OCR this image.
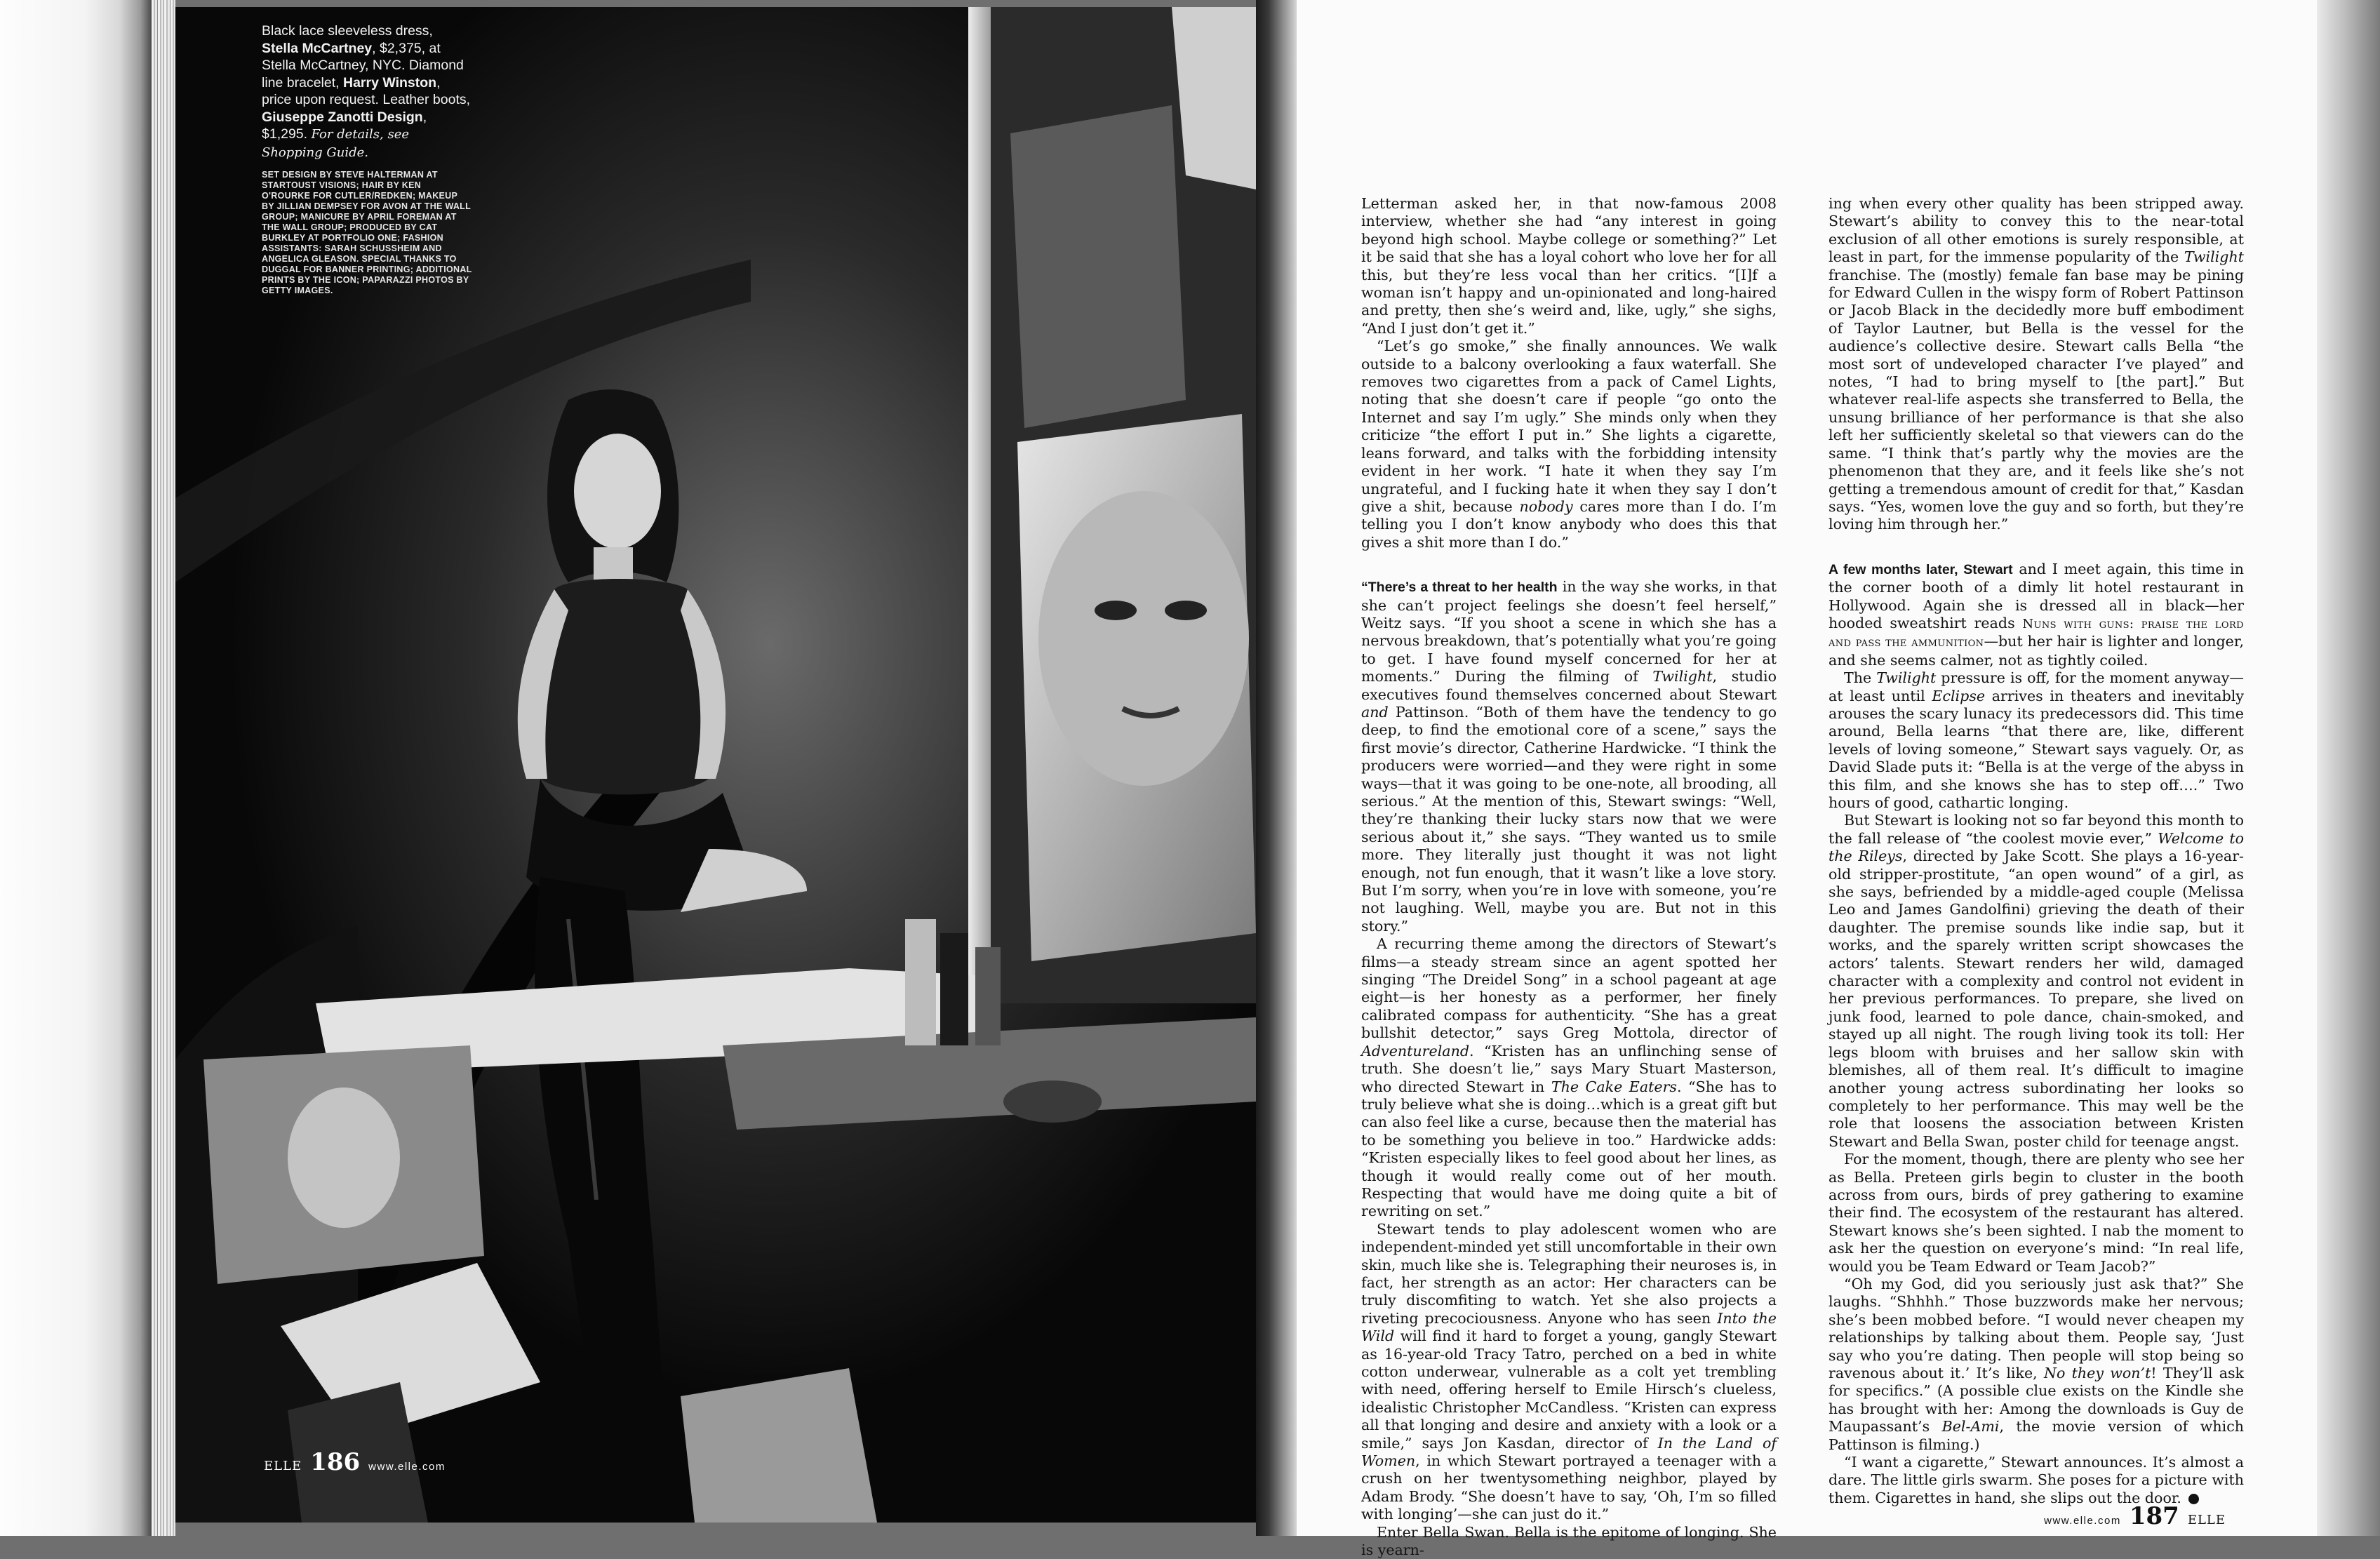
Black lace sleeveless dress, Stella McCartney, $2,375, at Stella McCartney, NYC. Diamond line bracelet, Harry Winston, price upon request. Leather boots, Giuseppe Zanotti Design, $1,295. For details, see Shopping Guide.
SET DESIGN BY STEVE HALTERMAN AT STARTOUST VISIONS; HAIR BY KEN O'ROURKE FOR CUTLER/REDKEN; MAKEUP BY JILLIAN DEMPSEY FOR AVON AT THE WALL GROUP; MANICURE BY APRIL FOREMAN AT THE WALL GROUP; PRODUCED BY CAT BURKLEY AT PORTFOLIO ONE; FASHION ASSISTANTS: SARAH SCHUSSHEIM AND ANGELICA GLEASON. SPECIAL THANKS TO DUGGAL FOR BANNER PRINTING; ADDITIONAL PRINTS BY THE ICON; PAPARAZZI PHOTOS BY GETTY IMAGES.
ELLE 186 www.elle.com

Letterman asked her, in that now-famous 2008 interview, whether she had “any interest in going beyond high school. Maybe college or something?” Let it be said that she has a loyal cohort who love her for all this, but they’re less vocal than her critics. “[I]f a woman isn’t happy and un-opinionated and long-haired and pretty, then she’s weird and, like, ugly,” she sighs, “And I just don’t get it.”

“Let’s go smoke,” she finally announces. We walk outside to a balcony overlooking a faux waterfall. She removes two cigarettes from a pack of Camel Lights, noting that she doesn’t care if people “go onto the Internet and say I’m ugly.” She minds only when they criticize “the effort I put in.” She lights a cigarette, leans forward, and talks with the forbidding intensity evident in her work. “I hate it when they say I’m ungrateful, and I fucking hate it when they say I don’t give a shit, because nobody cares more than I do. I’m telling you I don’t know anybody who does this that gives a shit more than I do.”

“There’s a threat to her health in the way she works, in that she can’t project feelings she doesn’t feel herself,” Weitz says. “If you shoot a scene in which she has a nervous breakdown, that’s potentially what you’re going to get. I have found myself concerned for her at moments.” During the filming of Twilight, studio executives found themselves concerned about Stewart and Pattinson. “Both of them have the tendency to go deep, to find the emotional core of a scene,” says the first movie’s director, Catherine Hardwicke. “I think the producers were worried—and they were right in some ways—that it was going to be one-note, all brooding, all serious.” At the mention of this, Stewart swings: “Well, they’re thanking their lucky stars now that we were serious about it,” she says. “They wanted us to smile more. They literally just thought it was not light enough, not fun enough, that it wasn’t like a love story. But I’m sorry, when you’re in love with someone, you’re not laughing. Well, maybe you are. But not in this story.”

A recurring theme among the directors of Stewart’s films—a steady stream since an agent spotted her singing “The Dreidel Song” in a school pageant at age eight—is her honesty as a performer, her finely calibrated compass for authenticity. “She has a great bullshit detector,” says Greg Mottola, director of Adventureland. “Kristen has an unflinching sense of truth. She doesn’t lie,” says Mary Stuart Masterson, who directed Stewart in The Cake Eaters. “She has to truly believe what she is doing…which is a great gift but can also feel like a curse, because then the material has to be something you believe in too.” Hardwicke adds: “Kristen especially likes to feel good about her lines, as though it would really come out of her mouth. Respecting that would have me doing quite a bit of rewriting on set.”

Stewart tends to play adolescent women who are independent-minded yet still uncomfortable in their own skin, much like she is. Telegraphing their neuroses is, in fact, her strength as an actor: Her characters can be truly discomfiting to watch. Yet she also projects a riveting precociousness. Anyone who has seen Into the Wild will find it hard to forget a young, gangly Stewart as 16-year-old Tracy Tatro, perched on a bed in white cotton underwear, vulnerable as a colt yet trembling with need, offering herself to Emile Hirsch’s clueless, idealistic Christopher McCandless. “Kristen can express all that longing and desire and anxiety with a look or a smile,” says Jon Kasdan, director of In the Land of Women, in which Stewart portrayed a teenager with a crush on her twentysomething neighbor, played by Adam Brody. “She doesn’t have to say, ‘Oh, I’m so filled with longing’—she can just do it.”

Enter Bella Swan. Bella is the epitome of longing. She is yearn-

ing when every other quality has been stripped away. Stewart’s ability to convey this to the near-total exclusion of all other emotions is surely responsible, at least in part, for the immense popularity of the Twilight franchise. The (mostly) female fan base may be pining for Edward Cullen in the wispy form of Robert Pattinson or Jacob Black in the decidedly more buff embodiment of Taylor Lautner, but Bella is the vessel for the audience’s collective desire. Stewart calls Bella “the most sort of undeveloped character I’ve played” and notes, “I had to bring myself to [the part].” But whatever real-life aspects she transferred to Bella, the unsung brilliance of her performance is that she also left her sufficiently skeletal so that viewers can do the same. “I think that’s partly why the movies are the phenomenon that they are, and it feels like she’s not getting a tremendous amount of credit for that,” Kasdan says. “Yes, women love the guy and so forth, but they’re loving him through her.”

A few months later, Stewart and I meet again, this time in the corner booth of a dimly lit hotel restaurant in Hollywood. Again she is dressed all in black—her hooded sweatshirt reads Nuns with guns: praise the lord and pass the ammunition—but her hair is lighter and longer, and she seems calmer, not as tightly coiled.

The Twilight pressure is off, for the moment anyway—at least until Eclipse arrives in theaters and inevitably arouses the scary lunacy its predecessors did. This time around, Bella learns “that there are, like, different levels of loving someone,” Stewart says vaguely. Or, as David Slade puts it: “Bella is at the verge of the abyss in this film, and she knows she has to step off….” Two hours of good, cathartic longing.

But Stewart is looking not so far beyond this month to the fall release of “the coolest movie ever,” Welcome to the Rileys, directed by Jake Scott. She plays a 16-year-old stripper-prostitute, “an open wound” of a girl, as she says, befriended by a middle-aged couple (Melissa Leo and James Gandolfini) grieving the death of their daughter. The premise sounds like indie sap, but it works, and the sparely written script showcases the actors’ talents. Stewart renders her wild, damaged character with a complexity and control not evident in her previous performances. To prepare, she lived on junk food, learned to pole dance, chain-smoked, and stayed up all night. The rough living took its toll: Her legs bloom with bruises and her sallow skin with blemishes, all of them real. It’s difficult to imagine another young actress subordinating her looks so completely to her performance. This may well be the role that loosens the association between Kristen Stewart and Bella Swan, poster child for teenage angst.

For the moment, though, there are plenty who see her as Bella. Preteen girls begin to cluster in the booth across from ours, birds of prey gathering to examine their find. The ecosystem of the restaurant has altered. Stewart knows she’s been sighted. I nab the moment to ask her the question on everyone’s mind: “In real life, would you be Team Edward or Team Jacob?”

“Oh my God, did you seriously just ask that?” She laughs. “Shhhh.” Those buzzwords make her nervous; she’s been mobbed before. “I would never cheapen my relationships by talking about them. People say, ‘Just say who you’re dating. Then people will stop being so ravenous about it.’ It’s like, No they won’t! They’ll ask for specifics.” (A possible clue exists on the Kindle she has brought with her: Among the downloads is Guy de Maupassant’s Bel-Ami, the movie version of which Pattinson is filming.)

“I want a cigarette,” Stewart announces. It’s almost a dare. The little girls swarm. She poses for a picture with them. Cigarettes in hand, she slips out the door.

www.elle.com 187 ELLE
